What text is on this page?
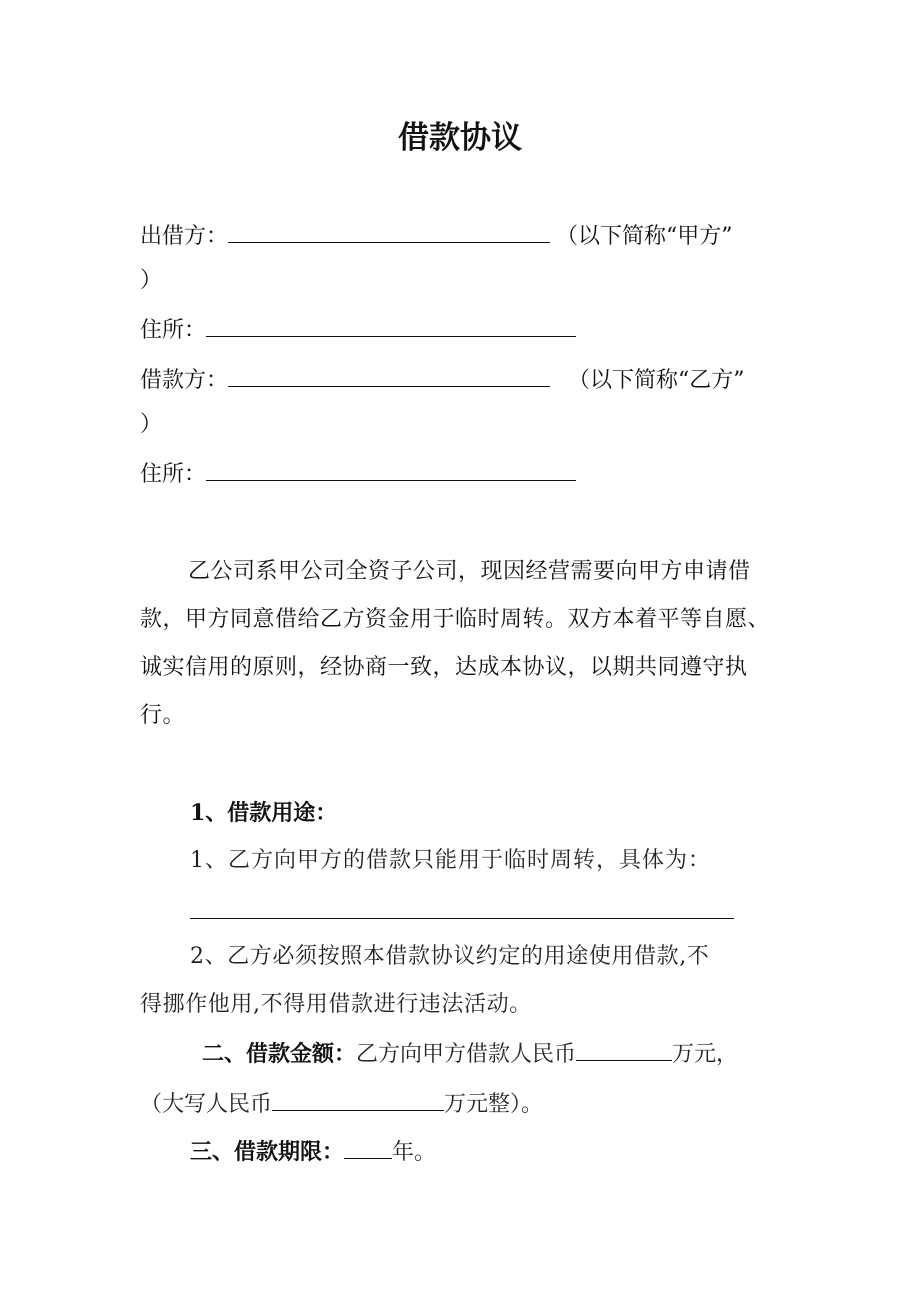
借款协议
出借方：	（以下简称“甲方”
）
住所：
借款方：	（以下简称“乙方”
）
住所：
乙公司系甲公司全资子公司，现因经营需要向甲方申请借款，甲方同意借给乙方资金用于临时周转。双方本着平等自愿、诚实信用的原则，经协商一致，达成本协议，以期共同遵守执行。
1、借款用途：
1、乙方向甲方的借款只能用于临时周转，具体为：
2、乙方必须按照本借款协议约定的用途使用借款,不
得挪作他用,不得用借款进行违法活动。
二、借款金额：乙方向甲方借款人民币	万元，
（大写人民币	万元整）。
三、借款期限： 年。
